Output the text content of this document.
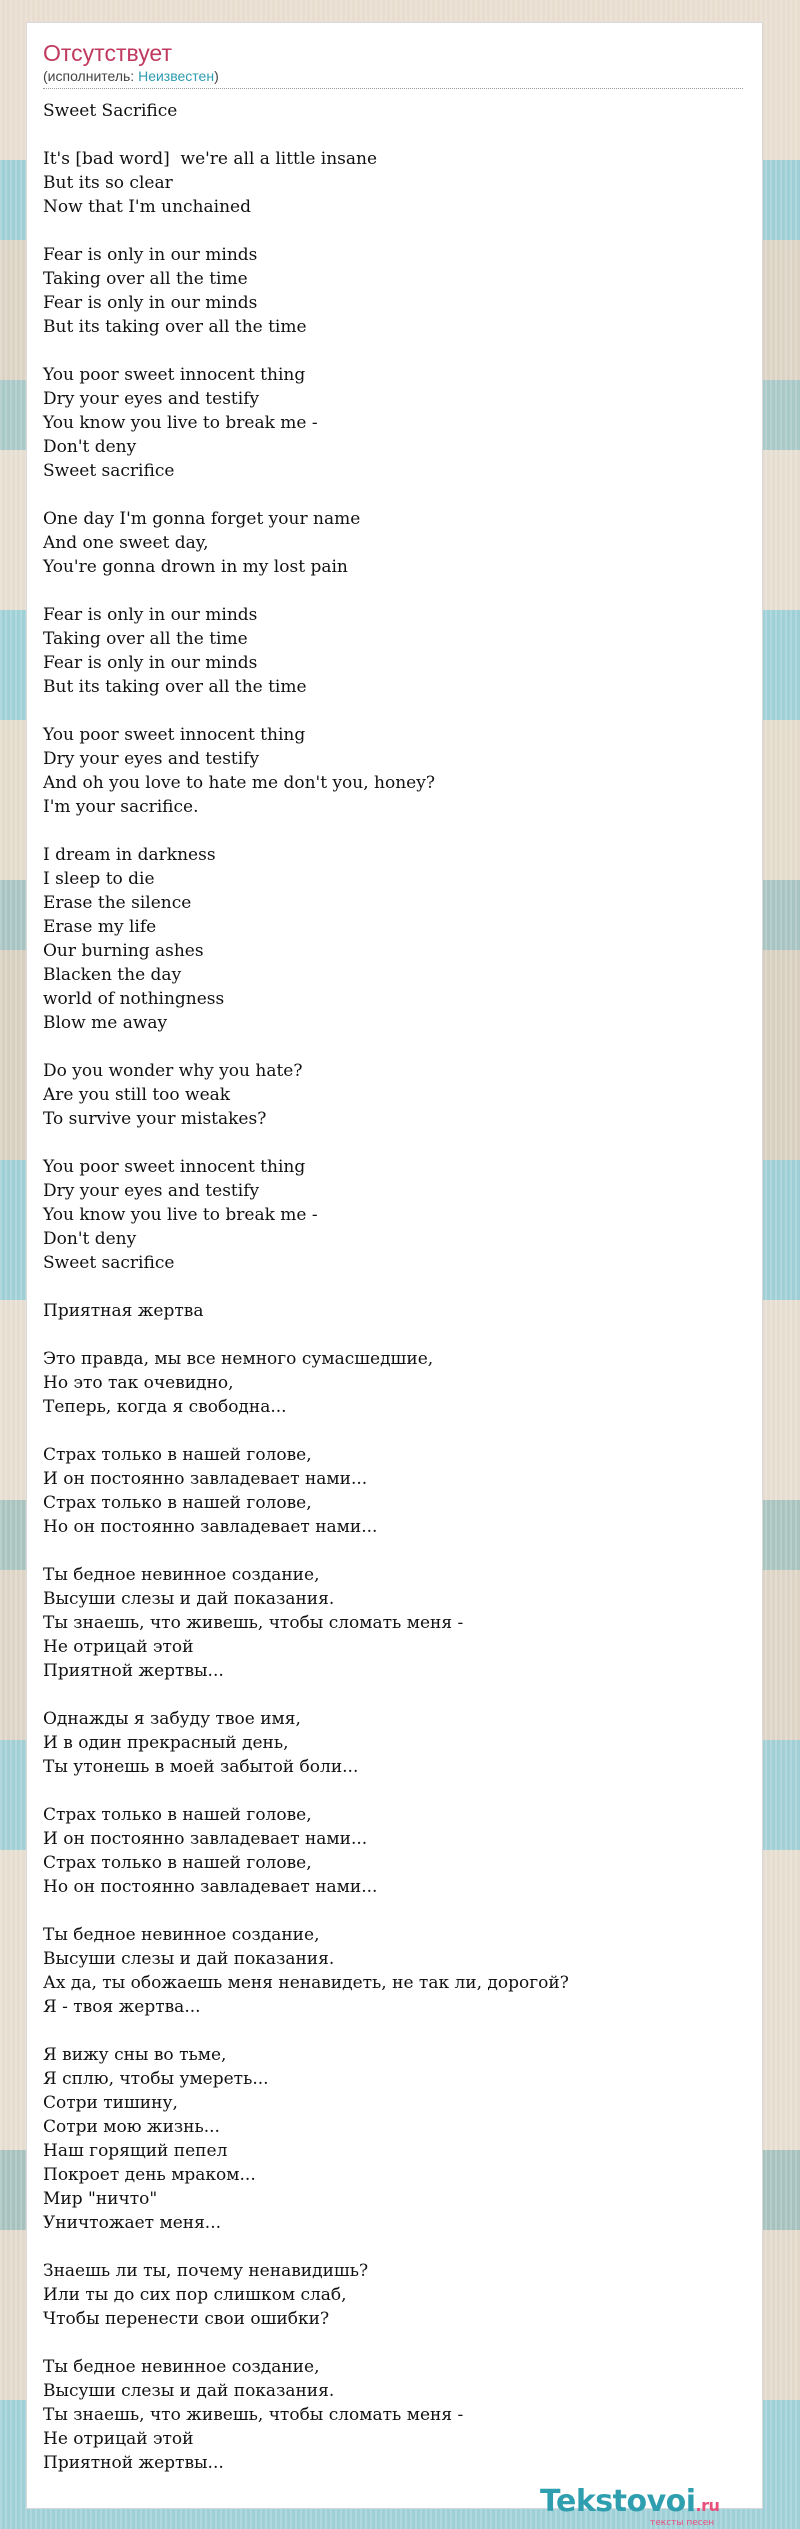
Отсутствует
(исполнитель: Неизвестен)
Sweet Sacrifice

It's [bad word]  we're all a little insane
But its so clear
Now that I'm unchained

Fear is only in our minds
Taking over all the time
Fear is only in our minds
But its taking over all the time

You poor sweet innocent thing
Dry your eyes and testify
You know you live to break me -
Don't deny
Sweet sacrifice

One day I'm gonna forget your name
And one sweet day,
You're gonna drown in my lost pain

Fear is only in our minds
Taking over all the time
Fear is only in our minds
But its taking over all the time

You poor sweet innocent thing
Dry your eyes and testify
And oh you love to hate me don't you, honey?
I'm your sacrifice.

I dream in darkness
I sleep to die
Erase the silence
Erase my life
Our burning ashes
Blacken the day
world of nothingness
Blow me away

Do you wonder why you hate?
Are you still too weak
To survive your mistakes?

You poor sweet innocent thing
Dry your eyes and testify
You know you live to break me -
Don't deny
Sweet sacrifice

Приятная жертва

Это правда, мы все немного сумасшедшие,
Но это так очевидно,
Теперь, когда я свободна...

Страх только в нашей голове,
И он постоянно завладевает нами...
Страх только в нашей голове,
Но он постоянно завладевает нами...

Ты бедное невинное создание,
Высуши слезы и дай показания.
Ты знаешь, что живешь, чтобы сломать меня -
Не отрицай этой
Приятной жертвы...

Однажды я забуду твое имя,
И в один прекрасный день,
Ты утонешь в моей забытой боли...

Страх только в нашей голове,
И он постоянно завладевает нами...
Страх только в нашей голове,
Но он постоянно завладевает нами...

Ты бедное невинное создание,
Высуши слезы и дай показания.
Ах да, ты обожаешь меня ненавидеть, не так ли, дорогой?
Я - твоя жертва...

Я вижу сны во тьме,
Я сплю, чтобы умереть...
Сотри тишину,
Сотри мою жизнь...
Наш горящий пепел
Покроет день мраком...
Мир "ничто"
Уничтожает меня...

Знаешь ли ты, почему ненавидишь?
Или ты до сих пор слишком слаб,
Чтобы перенести свои ошибки?

Ты бедное невинное создание,
Высуши слезы и дай показания.
Ты знаешь, что живешь, чтобы сломать меня -
Не отрицай этой
Приятной жертвы...
Tekstovoi.ru
тексты песен
